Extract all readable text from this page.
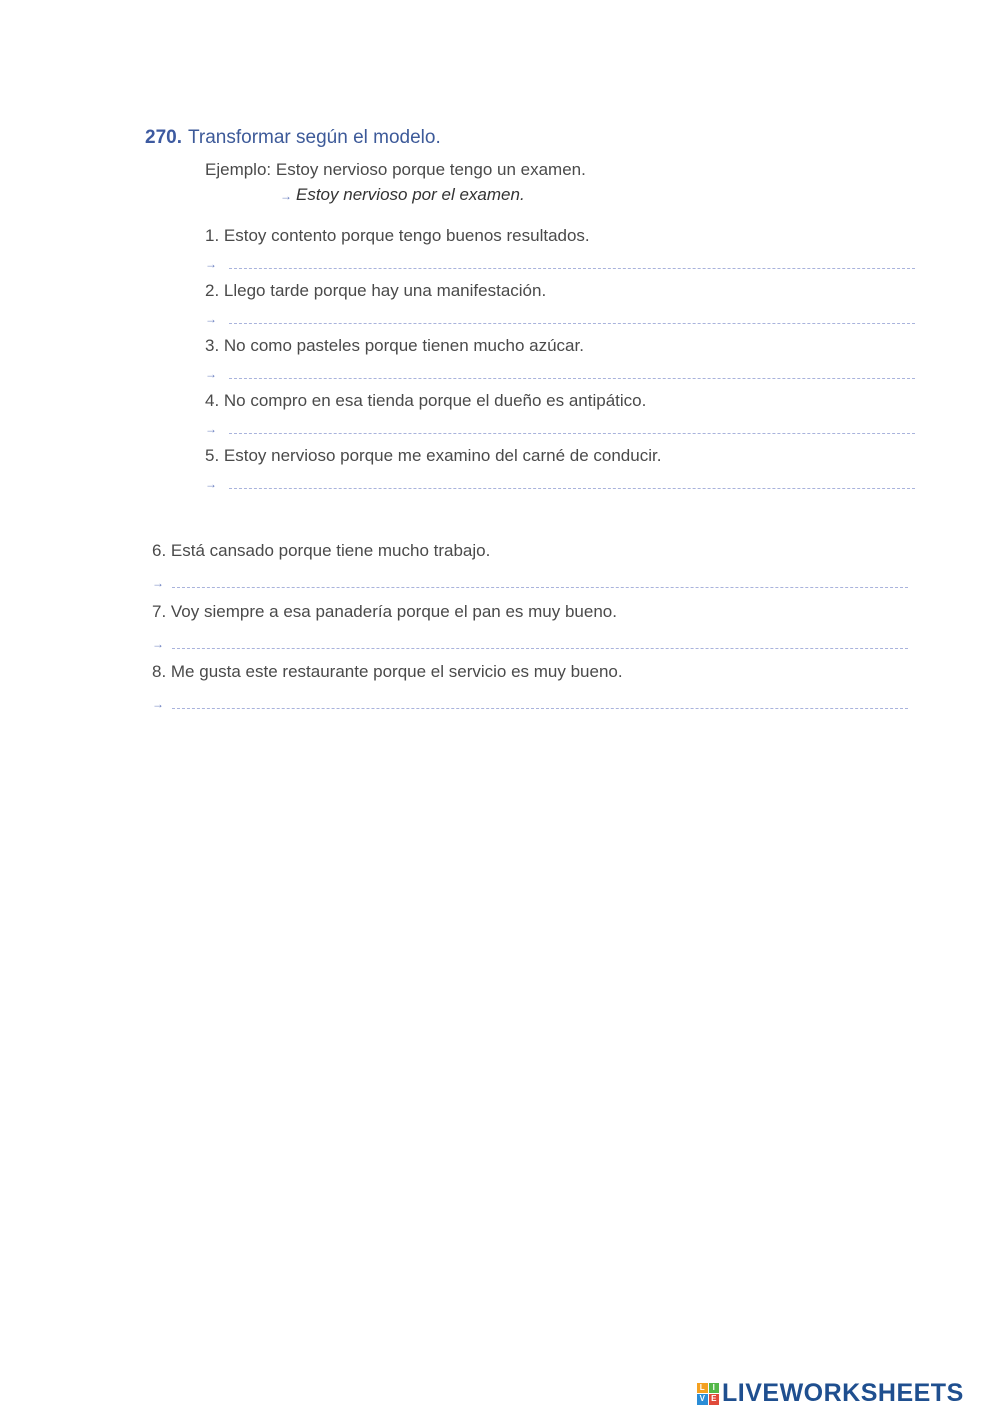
270. Transformar según el modelo.
Ejemplo: Estoy nervioso porque tengo un examen.
→ Estoy nervioso por el examen.
1. Estoy contento porque tengo buenos resultados.
→
2. Llego tarde porque hay una manifestación.
→
3. No como pasteles porque tienen mucho azúcar.
→
4. No compro en esa tienda porque el dueño es antipático.
→
5. Estoy nervioso porque me examino del carné de conducir.
→
6. Está cansado porque tiene mucho trabajo.
→
7. Voy siempre a esa panadería porque el pan es muy bueno.
→
8. Me gusta este restaurante porque el servicio es muy bueno.
→
L I
V E LIVEWORKSHEETS
